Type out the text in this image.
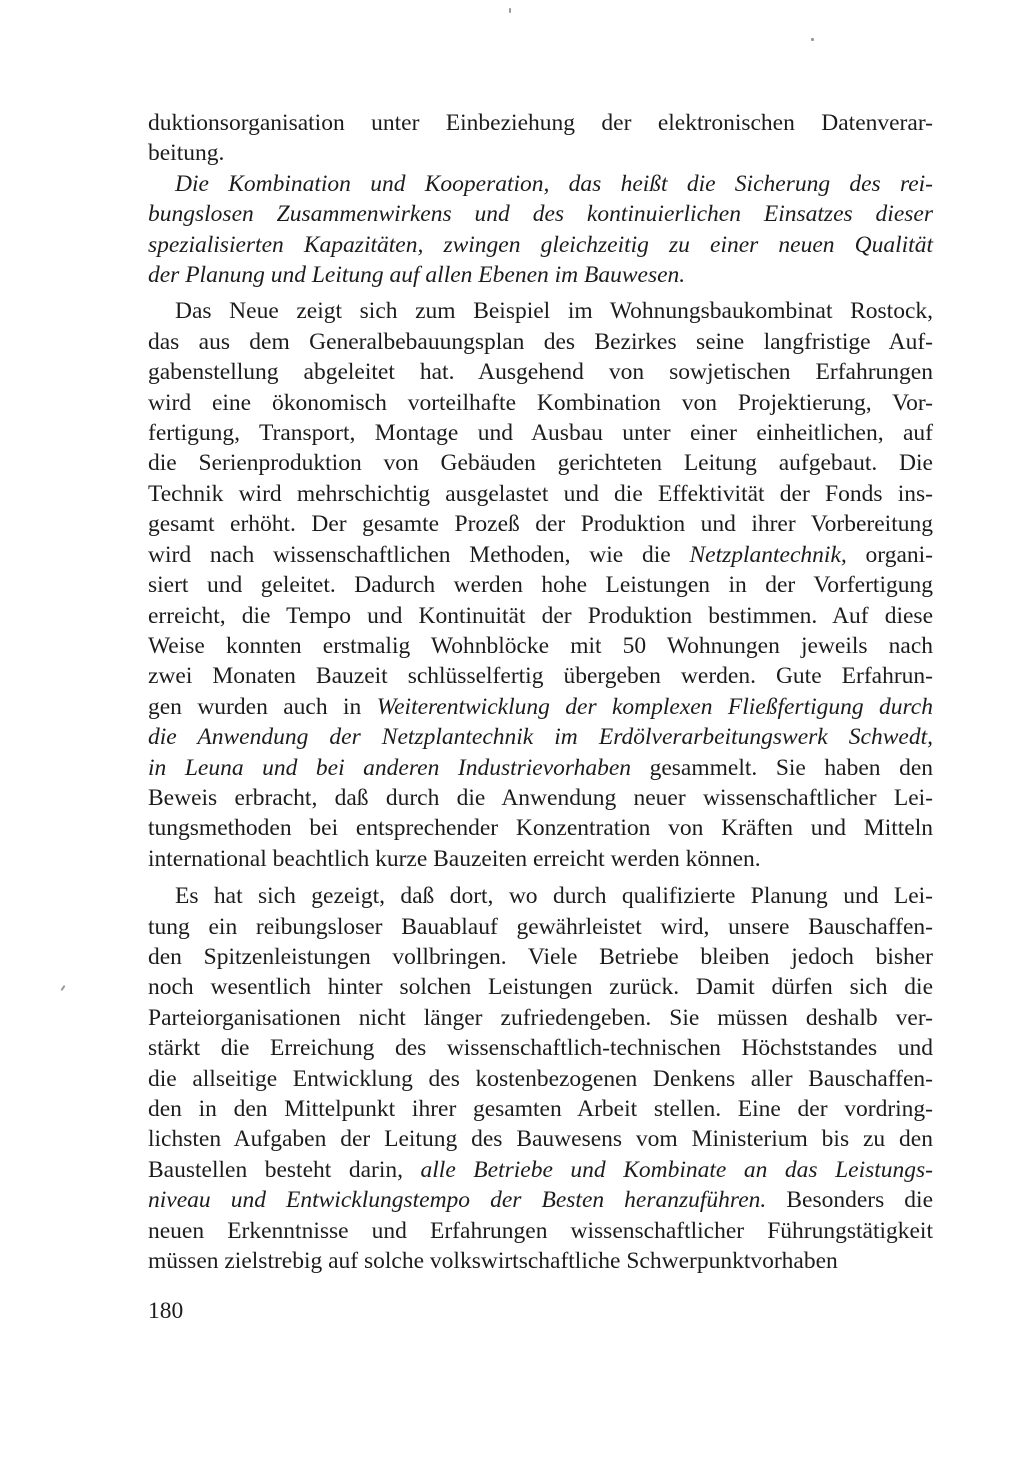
duktionsorganisation unter Einbeziehung der elektronischen Datenverar-
beitung.
Die Kombination und Kooperation, das heißt die Sicherung des rei-
bungslosen Zusammenwirkens und des kontinuierlichen Einsatzes dieser
spezialisierten Kapazitäten, zwingen gleichzeitig zu einer neuen Qualität
der Planung und Leitung auf allen Ebenen im Bauwesen.
Das Neue zeigt sich zum Beispiel im Wohnungsbaukombinat Rostock,
das aus dem Generalbebauungsplan des Bezirkes seine langfristige Auf-
gabenstellung abgeleitet hat. Ausgehend von sowjetischen Erfahrungen
wird eine ökonomisch vorteilhafte Kombination von Projektierung, Vor-
fertigung, Transport, Montage und Ausbau unter einer einheitlichen, auf
die Serienproduktion von Gebäuden gerichteten Leitung aufgebaut. Die
Technik wird mehrschichtig ausgelastet und die Effektivität der Fonds ins-
gesamt erhöht. Der gesamte Prozeß der Produktion und ihrer Vorbereitung
wird nach wissenschaftlichen Methoden, wie die Netzplantechnik, organi-
siert und geleitet. Dadurch werden hohe Leistungen in der Vorfertigung
erreicht, die Tempo und Kontinuität der Produktion bestimmen. Auf diese
Weise konnten erstmalig Wohnblöcke mit 50 Wohnungen jeweils nach
zwei Monaten Bauzeit schlüsselfertig übergeben werden. Gute Erfahrun-
gen wurden auch in Weiterentwicklung der komplexen Fließfertigung durch
die Anwendung der Netzplantechnik im Erdölverarbeitungswerk Schwedt,
in Leuna und bei anderen Industrievorhaben gesammelt. Sie haben den
Beweis erbracht, daß durch die Anwendung neuer wissenschaftlicher Lei-
tungsmethoden bei entsprechender Konzentration von Kräften und Mitteln
international beachtlich kurze Bauzeiten erreicht werden können.
Es hat sich gezeigt, daß dort, wo durch qualifizierte Planung und Lei-
tung ein reibungsloser Bauablauf gewährleistet wird, unsere Bauschaffen-
den Spitzenleistungen vollbringen. Viele Betriebe bleiben jedoch bisher
noch wesentlich hinter solchen Leistungen zurück. Damit dürfen sich die
Parteiorganisationen nicht länger zufriedengeben. Sie müssen deshalb ver-
stärkt die Erreichung des wissenschaftlich-technischen Höchststandes und
die allseitige Entwicklung des kostenbezogenen Denkens aller Bauschaffen-
den in den Mittelpunkt ihrer gesamten Arbeit stellen. Eine der vordring-
lichsten Aufgaben der Leitung des Bauwesens vom Ministerium bis zu den
Baustellen besteht darin, alle Betriebe und Kombinate an das Leistungs-
niveau und Entwicklungstempo der Besten heranzuführen. Besonders die
neuen Erkenntnisse und Erfahrungen wissenschaftlicher Führungstätigkeit
müssen zielstrebig auf solche volkswirtschaftliche Schwerpunktvorhaben
180
